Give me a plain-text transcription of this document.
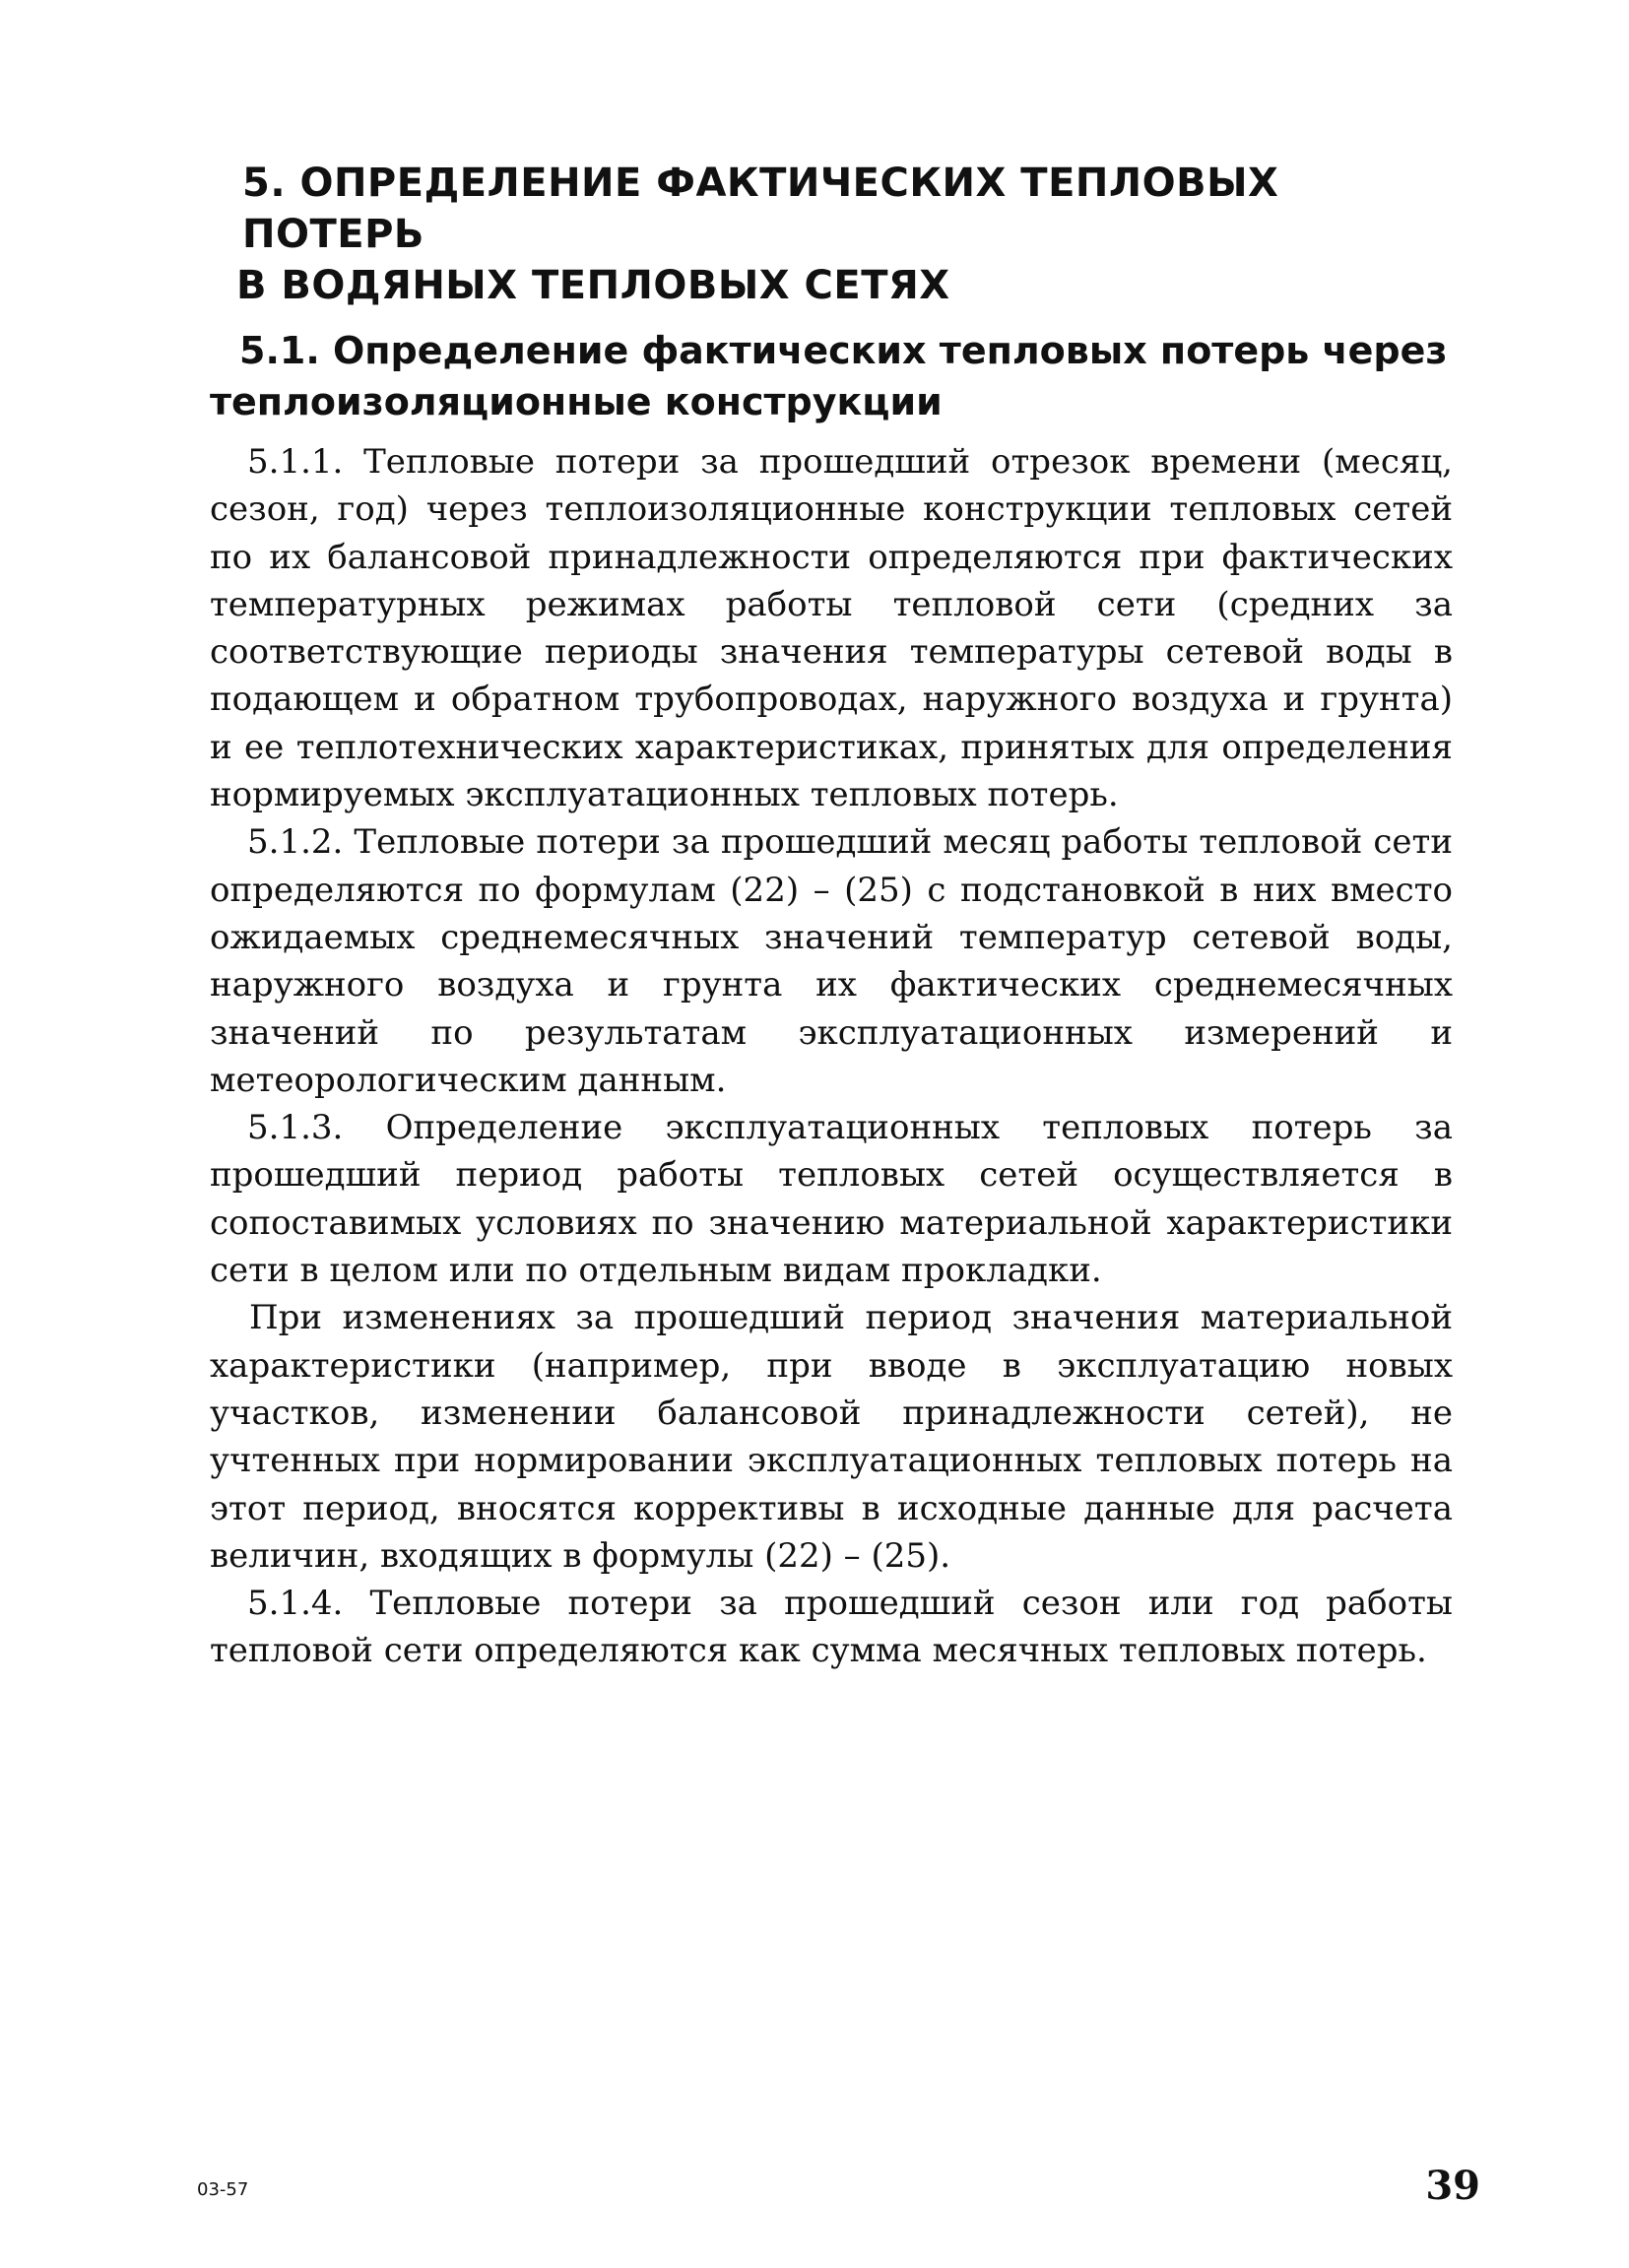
5. ОПРЕДЕЛЕНИЕ ФАКТИЧЕСКИХ ТЕПЛОВЫХ ПОТЕРЬ
В ВОДЯНЫХ ТЕПЛОВЫХ СЕТЯХ
5.1. Определение фактических тепловых потерь через
теплоизоляционные конструкции

5.1.1. Тепловые потери за прошедший отрезок времени (месяц, сезон, год) через теплоизоляционные конструкции тепловых сетей по их балансовой принадлежности определяются при фактических температурных режимах работы тепловой сети (средних за соответствующие периоды значения температуры сетевой воды в подающем и обратном трубопроводах, наружного воздуха и грунта) и ее теплотехнических характеристиках, принятых для определения нормируемых эксплуатационных тепловых потерь.

5.1.2. Тепловые потери за прошедший месяц работы тепловой сети определяются по формулам (22) – (25) с подстановкой в них вместо ожидаемых среднемесячных значений температур сетевой воды, наружного воздуха и грунта их фактических среднемесячных значений по результатам эксплуатационных измерений и метеорологическим данным.

5.1.3. Определение эксплуатационных тепловых потерь за прошедший период работы тепловых сетей осуществляется в сопоставимых условиях по значению материальной характеристики сети в целом или по отдельным видам прокладки.

При изменениях за прошедший период значения материальной характеристики (например, при вводе в эксплуатацию новых участков, изменении балансовой принадлежности сетей), не учтенных при нормировании эксплуатационных тепловых потерь на этот период, вносятся коррективы в исходные данные для расчета величин, входящих в формулы (22) – (25).

5.1.4. Тепловые потери за прошедший сезон или год работы тепловой сети определяются как сумма месячных тепловых потерь.

03-57	39
